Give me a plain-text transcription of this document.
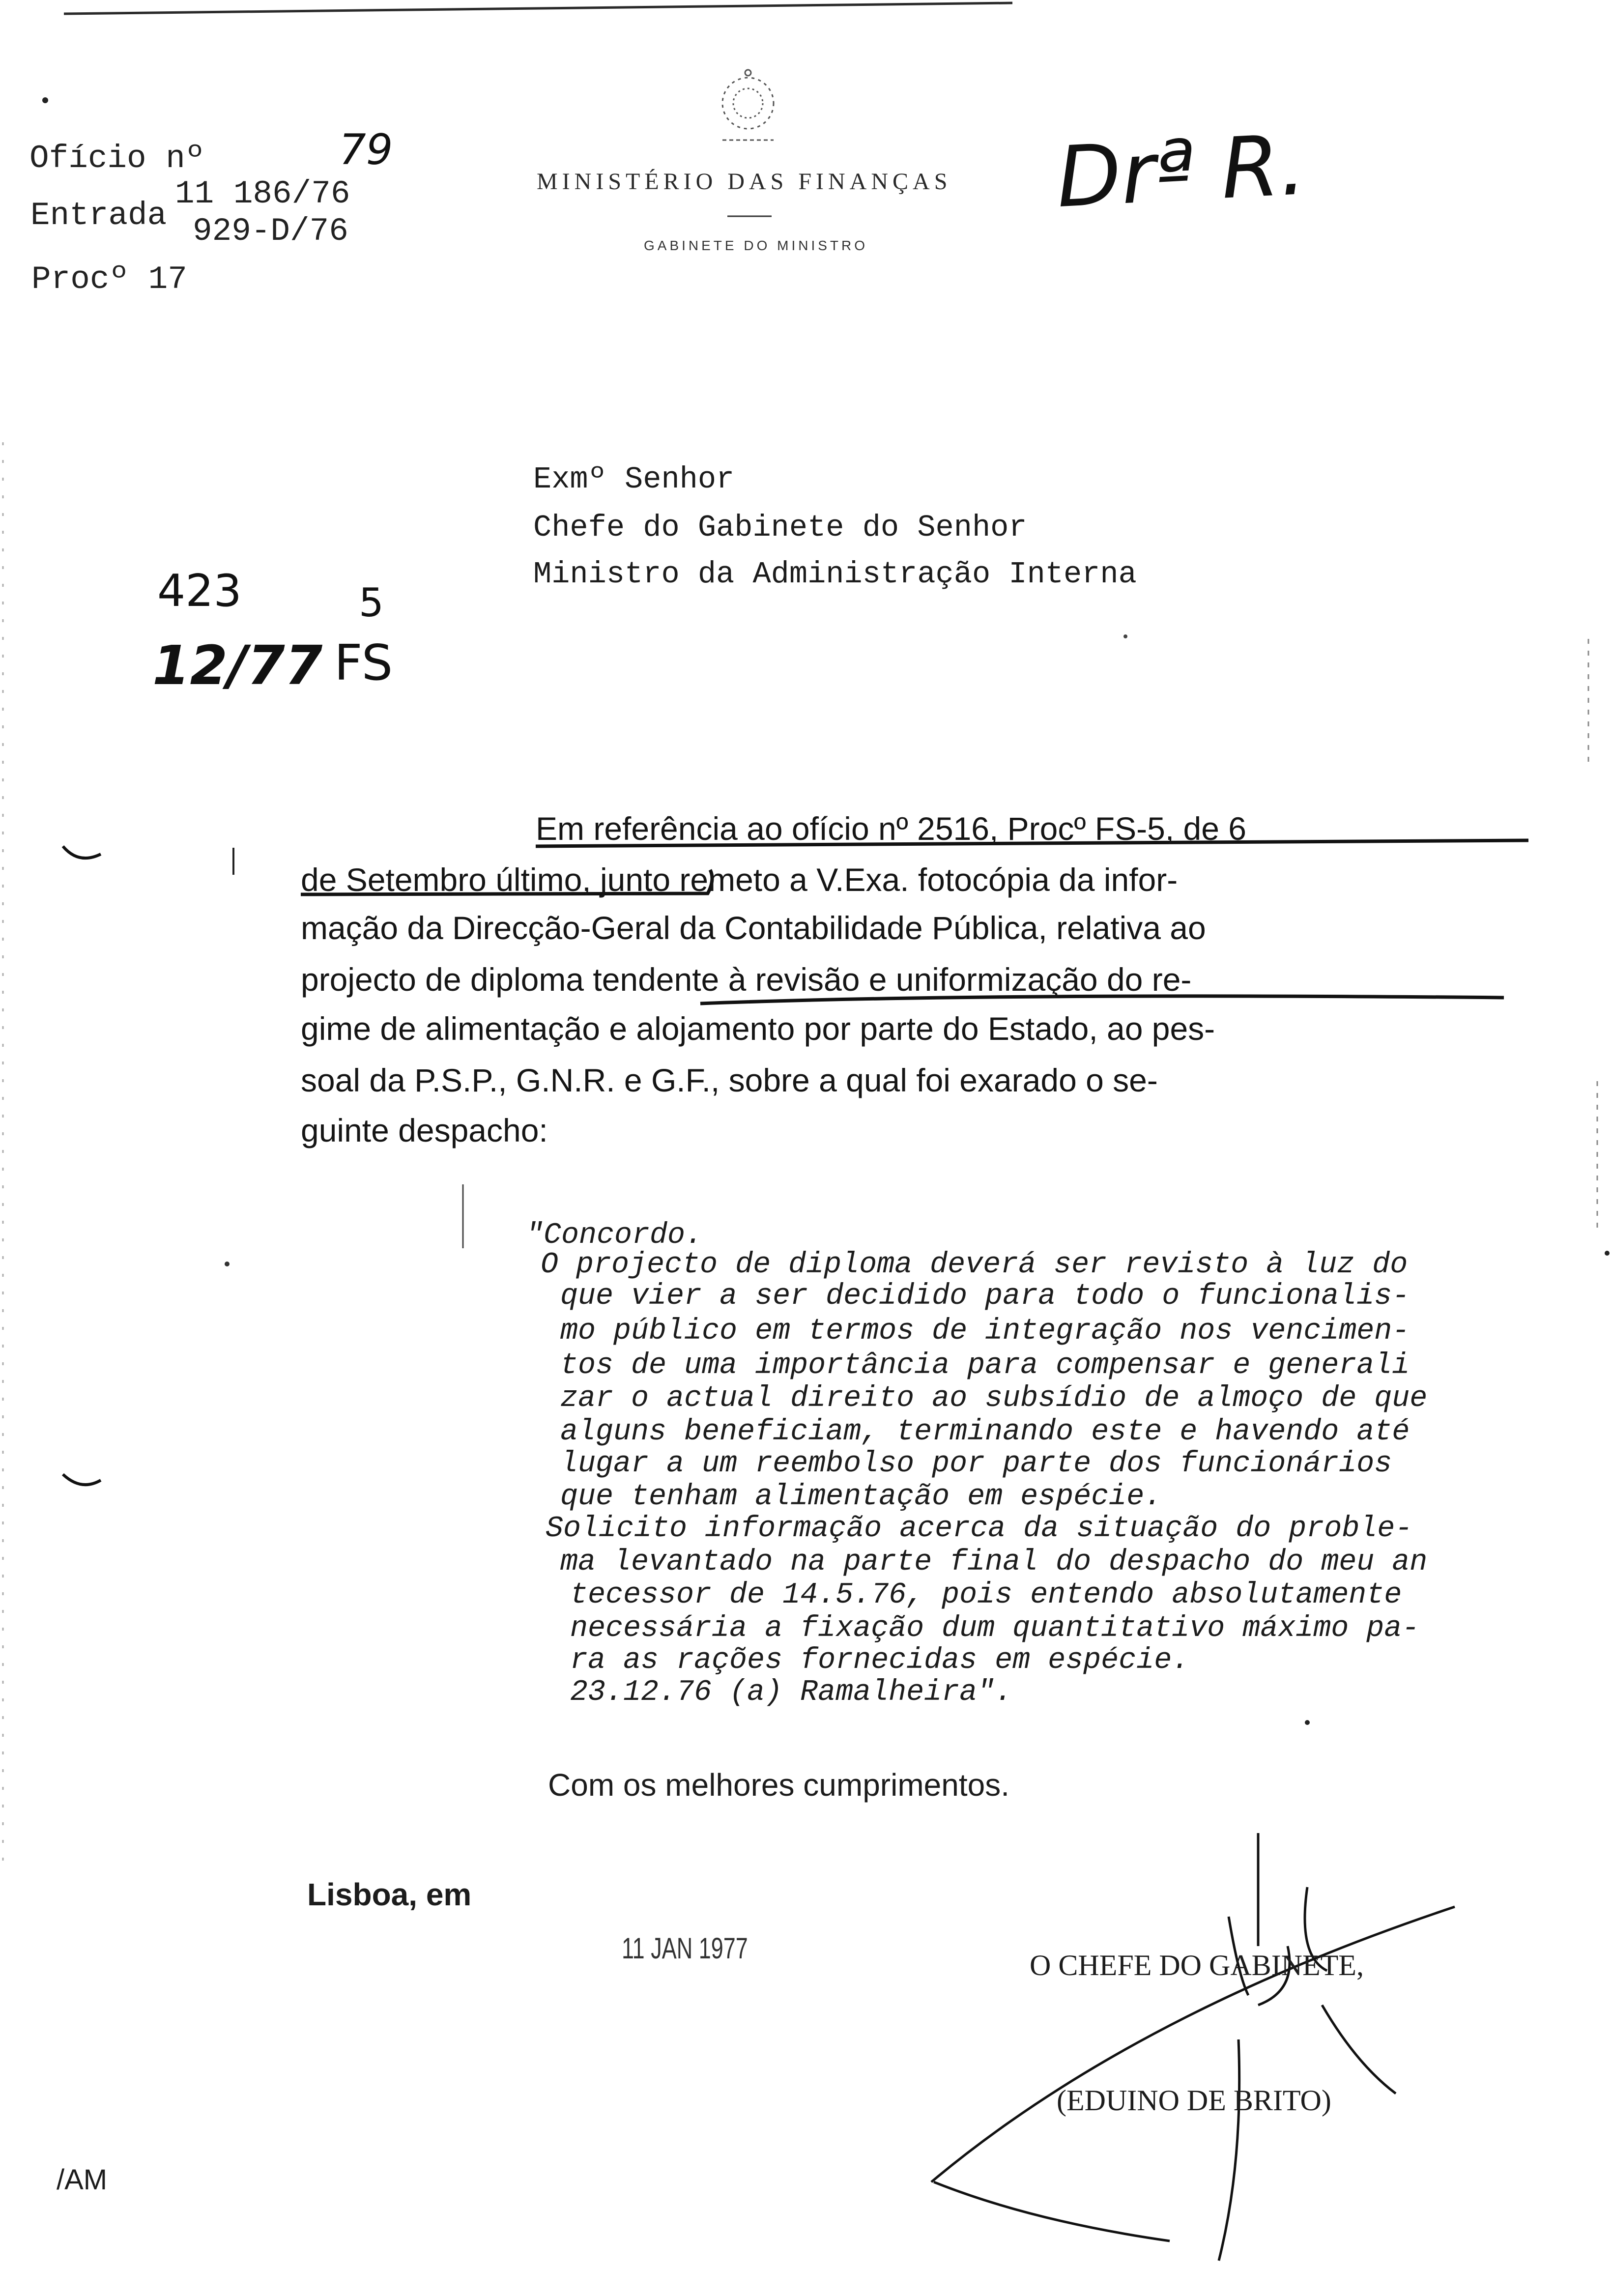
Ofício nº	79
11 186/76
Entrada 929-D/76
Procº 17
MINISTÉRIO DAS FINANÇAS
GABINETE DO MINISTRO
Drª R.
423	5
12/77 FS
Exmº Senhor
Chefe do Gabinete do Senhor
Ministro da Administração Interna
Em referência ao ofício nº 2516, Procº FS-5, de 6
de Setembro último, junto remeto a V.Exa. fotocópia da infor-
mação da Direcção-Geral da Contabilidade Pública, relativa ao
projecto de diploma tendente à revisão e uniformização do re-
gime de alimentação e alojamento por parte do Estado, ao pes-
soal da P.S.P., G.N.R. e G.F., sobre a qual foi exarado o se-
guinte despacho:
"Concordo.
O projecto de diploma deverá ser revisto à luz do
que vier a ser decidido para todo o funcionalis-
mo público em termos de integração nos vencimen-
tos de uma importância para compensar e generali
zar o actual direito ao subsídio de almoço de que
alguns beneficiam, terminando este e havendo até
lugar a um reembolso por parte dos funcionários
que tenham alimentação em espécie.
Solicito informação acerca da situação do proble-
ma levantado na parte final do despacho do meu an
tecessor de 14.5.76, pois entendo absolutamente
necessária a fixação dum quantitativo máximo pa-
ra as rações fornecidas em espécie.
23.12.76 (a) Ramalheira".
Com os melhores cumprimentos.
Lisboa, em
11 JAN 1977
O CHEFE DO GABINETE,
(EDUINO DE BRITO)
/AM
